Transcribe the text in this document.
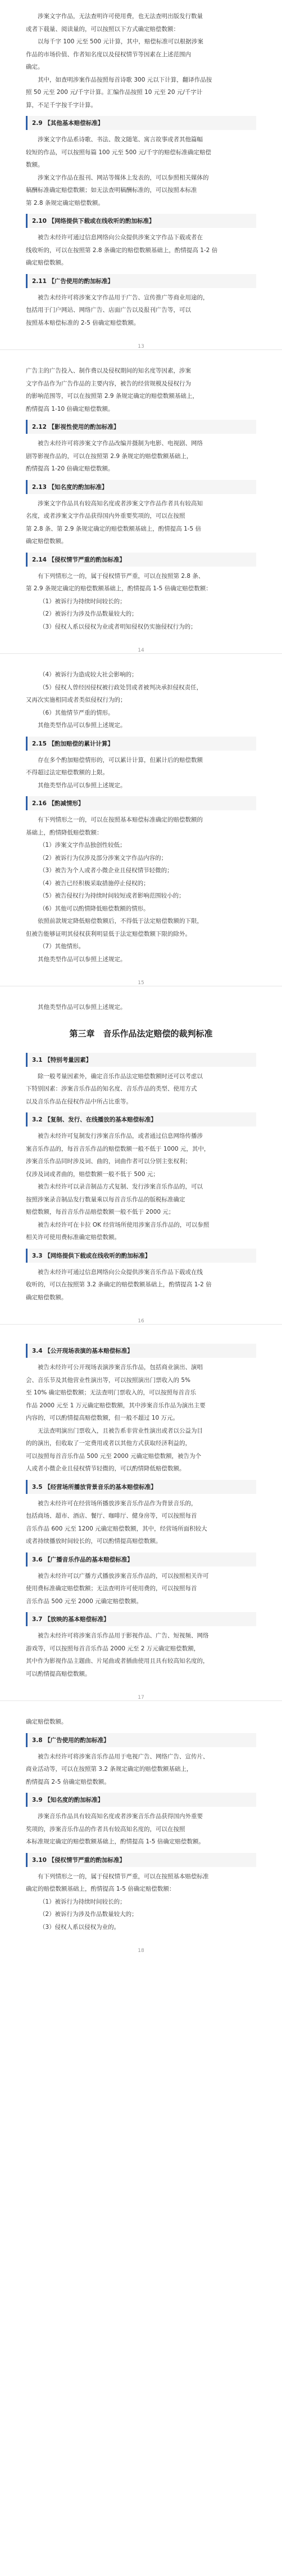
涉案文字作品，无法查明许可使用费，也无法查明出版发行数量
或者下载量、阅读量的，可以按照以下方式确定赔偿数额：
以每千字 100 元至 500 元计算，其中，赔偿标准可以根据涉案
作品的市场价值、作者知名度以及侵权情节等因素在上述范围内
确定。
其中，如查明涉案作品按照每首诗歌 300 元以下计算，翻译作品按
照 50 元至 200 元/千字计算。汇编作品按照 10 元至 20 元/千字计
算，不足千字按千字计算。
2.9 【其他基本赔偿标准】
涉案文字作品系诗歌、书法、散文随笔、寓言故事或者其他篇幅
较短的作品，可以按照每篇 100 元至 500 元/千字的赔偿标准确定赔偿
数额。
涉案文字作品在报刊、网站等媒体上发表的，可以参照相关媒体的
稿酬标准确定赔偿数额；如无法查明稿酬标准的，可以按照本标准
第 2.8 条规定确定赔偿数额。
2.10 【网络提供下载或在线收听的酌加标准】
被告未经许可通过信息网络向公众提供涉案文字作品下载或者在
线收听的，可以在按照第 2.8 条确定的赔偿数额基础上，酌情提高 1-2 倍
确定赔偿数额。
2.11 【广告使用的酌加标准】
被告未经许可将涉案文字作品用于广告、宣传推广等商业用途的，
包括用于门户网站、网络广告、店面广告以及报刊广告等，可以
按照基本赔偿标准的 2-5 倍确定赔偿数额。
13
广告主的广告投入、制作费以及侵权期间的知名度等因素，涉案
文字作品作为广告作品的主要内容，被告的经营规模及侵权行为
的影响范围等，可以在按照第 2.9 条规定确定的赔偿数额基础上，
酌情提高 1-10 倍确定赔偿数额。
2.12 【影视性使用的酌加标准】
被告未经许可将涉案文字作品改编并摄制为电影、电视剧、网络
剧等影视作品的，可以在按照第 2.9 条规定的赔偿数额基础上，
酌情提高 1-20 倍确定赔偿数额。
2.13 【知名度的酌加标准】
涉案文字作品具有较高知名度或者涉案文字作品作者具有较高知
名度，或者涉案文字作品获得国内外重要奖项的，可以在按照
第 2.8 条、第 2.9 条规定确定的赔偿数额基础上，酌情提高 1-5 倍
确定赔偿数额。
2.14 【侵权情节严重的酌加标准】
有下列情形之一的，属于侵权情节严重，可以在按照第 2.8 条、
第 2.9 条规定确定的赔偿数额基础上，酌情提高 1-5 倍确定赔偿数额：
（1）被诉行为持续时间较长的；
（2）被诉行为涉及作品数量较大的；
（3）侵权人系以侵权为业或者明知侵权仍实施侵权行为的；
14
（4）被诉行为造成较大社会影响的；
（5）侵权人曾经因侵权被行政处罚或者被判决承担侵权责任，
又再次实施相同或者类似侵权行为的；
（6）其他情节严重的情形。
其他类型作品可以参照上述规定。
2.15 【酌加赔偿的累计计算】
存在多个酌加赔偿情形的，可以累计计算，但累计后的赔偿数额
不得超过法定赔偿数额的上限。
其他类型作品可以参照上述规定。
2.16 【酌减情形】
有下列情形之一的，可以在按照基本赔偿标准确定的赔偿数额的
基础上，酌情降低赔偿数额：
（1）涉案文字作品独创性较低；
（2）被诉行为仅涉及部分涉案文字作品内容的；
（3）被告为个人或者小微企业且侵权情节轻微的；
（4）被告已经积极采取措施停止侵权的；
（5）被告侵权行为持续时间较短或者影响范围较小的；
（6）其他可以酌情降低赔偿数额的情形。
依照前款规定降低赔偿数额后，不得低于法定赔偿数额的下限，
但被告能够证明其侵权获利明显低于法定赔偿数额下限的除外。
（7）其他情形。
其他类型作品可以参照上述规定。
15
其他类型作品可以参照上述规定。
第三章　音乐作品法定赔偿的裁判标准
3.1 【特别考量因素】
除一般考量因素外，确定音乐作品法定赔偿数额时还可以考虑以
下特别因素：涉案音乐作品的知名度、音乐作品的类型、使用方式
以及音乐作品在侵权作品中所占比重等。
3.2 【复制、发行、在线播放的基本赔偿标准】
被告未经许可复制发行涉案音乐作品，或者通过信息网络传播涉
案音乐作品的，每首音乐作品的赔偿数额一般不低于 1000 元，其中，
涉案音乐作品同时涉及词、曲的，词曲作者可以分别主张权利；
仅涉及词或者曲的，赔偿数额一般不低于 500 元；
被告未经许可以录音制品方式复制、发行涉案音乐作品的，可以
按照涉案录音制品发行数量乘以每首音乐作品的版税标准确定
赔偿数额，每首音乐作品赔偿数额一般不低于 2000 元；
被告未经许可在卡拉 OK 经营场所使用涉案音乐作品的，可以参照
相关许可使用费标准确定赔偿数额。
3.3 【网络提供下载或在线收听的酌加标准】
被告未经许可通过信息网络向公众提供涉案音乐作品下载或在线
收听的，可以在按照第 3.2 条确定的赔偿数额基础上，酌情提高 1-2 倍
确定赔偿数额。
16
3.4 【公开现场表演的基本赔偿标准】
被告未经许可公开现场表演涉案音乐作品，包括商业演出、演唱
会、音乐节及其他营业性演出等，可以按照演出门票收入的 5%
至 10% 确定赔偿数额；无法查明门票收入的，可以按照每首音乐
作品 2000 元至 1 万元确定赔偿数额，其中涉案音乐作品为演出主要
内容的，可以酌情提高赔偿数额，但一般不超过 10 万元。
无法查明演出门票收入，且被告系非营业性演出或者以公益为目
的的演出，但收取了一定费用或者以其他方式获取经济利益的，
可以按照每首音乐作品 500 元至 2000 元确定赔偿数额，被告为个
人或者小微企业且侵权情节轻微的，可以酌情降低赔偿数额。
3.5 【经营场所播放背景音乐的基本赔偿标准】
被告未经许可在经营场所播放涉案音乐作品作为背景音乐的，
包括商场、超市、酒店、餐厅、咖啡厅、健身房等，可以按照每首
音乐作品 600 元至 1200 元确定赔偿数额，其中，经营场所面积较大
或者持续播放时间较长的，可以酌情提高赔偿数额。
3.6 【广播音乐作品的基本赔偿标准】
被告未经许可以广播方式播放涉案音乐作品的，可以按照相关许可
使用费标准确定赔偿数额；无法查明许可使用费的，可以按照每首
音乐作品 500 元至 2000 元确定赔偿数额。
3.7 【放映的基本赔偿标准】
被告未经许可将涉案音乐作品用于影视作品、广告、短视频、网络
游戏等，可以按照每首音乐作品 2000 元至 2 万元确定赔偿数额，
其中作为影视作品主题曲、片尾曲或者插曲使用且具有较高知名度的，
可以酌情提高赔偿数额。
17
确定赔偿数额。
3.8 【广告使用的酌加标准】
被告未经许可将涉案音乐作品用于电视广告、网络广告、宣传片、
商业活动等，可以在按照第 3.2 条规定确定的赔偿数额基础上，
酌情提高 2-5 倍确定赔偿数额。
3.9 【知名度的酌加标准】
涉案音乐作品具有较高知名度或者涉案音乐作品获得国内外重要
奖项的，涉案音乐作品的作者具有较高知名度的，可以在按照
本标准规定确定的赔偿数额基础上，酌情提高 1-5 倍确定赔偿数额。
3.10 【侵权情节严重的酌加标准】
有下列情形之一的，属于侵权情节严重，可以在按照基本赔偿标准
确定的赔偿数额基础上，酌情提高 1-5 倍确定赔偿数额：
（1）被诉行为持续时间较长的；
（2）被诉行为涉及作品数量较大的；
（3）侵权人系以侵权为业的。
18
